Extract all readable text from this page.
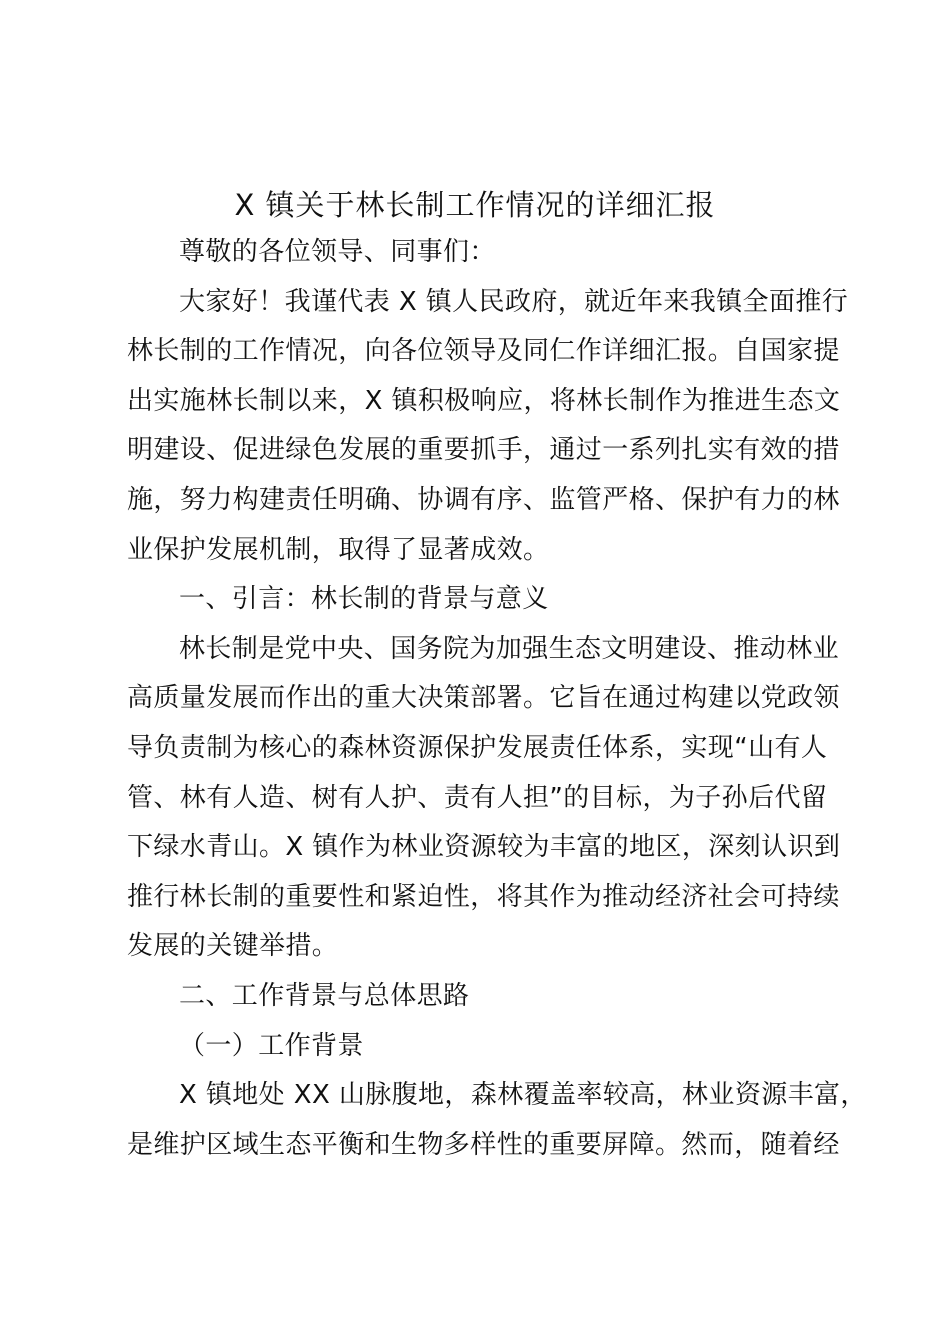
X 镇关于林长制工作情况的详细汇报
尊敬的各位领导、同事们：
大家好！我谨代表 X 镇人民政府，就近年来我镇全面推行
林长制的工作情况，向各位领导及同仁作详细汇报。自国家提
出实施林长制以来，X 镇积极响应，将林长制作为推进生态文
明建设、促进绿色发展的重要抓手，通过一系列扎实有效的措
施，努力构建责任明确、协调有序、监管严格、保护有力的林
业保护发展机制，取得了显著成效。
一、引言：林长制的背景与意义
林长制是党中央、国务院为加强生态文明建设、推动林业
高质量发展而作出的重大决策部署。它旨在通过构建以党政领
导负责制为核心的森林资源保护发展责任体系，实现“山有人
管、林有人造、树有人护、责有人担”的目标，为子孙后代留
下绿水青山。X 镇作为林业资源较为丰富的地区，深刻认识到
推行林长制的重要性和紧迫性，将其作为推动经济社会可持续
发展的关键举措。
二、工作背景与总体思路
（一）工作背景
X 镇地处 XX 山脉腹地，森林覆盖率较高，林业资源丰富，
是维护区域生态平衡和生物多样性的重要屏障。然而，随着经
